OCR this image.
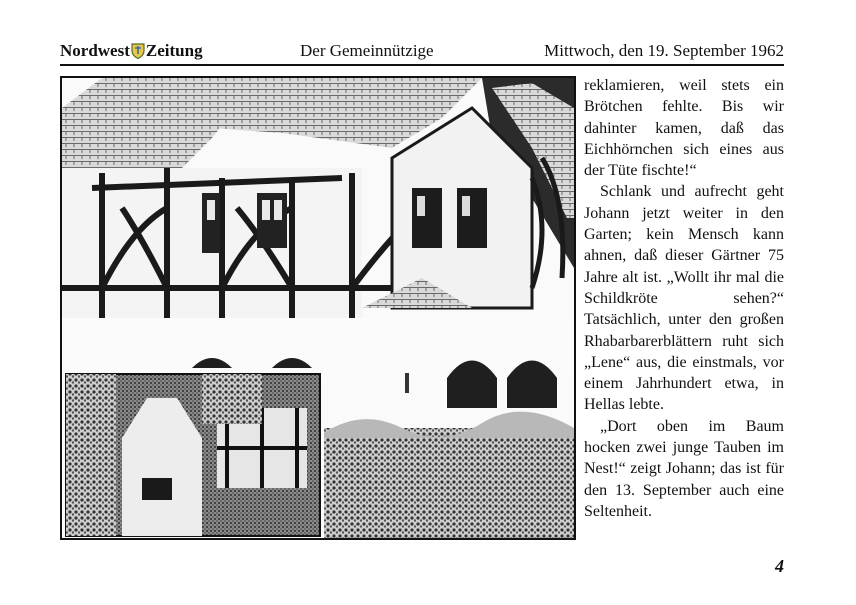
Nordwest Zeitung	Der Gemeinnützige	Mittwoch, den 19. September 1962

reklamieren, weil stets ein Brötchen fehlte. Bis wir dahinter kamen, daß das Eichhörnchen sich eines aus der Tüte fischte!“

Schlank und aufrecht geht Johann jetzt weiter in den Garten; kein Mensch kann ahnen, daß dieser Gärtner 75 Jahre alt ist. „Wollt ihr mal die Schildkröte sehen?“ Tatsächlich, unter den großen Rhabarbarerblättern ruht sich „Lene“ aus, die einstmals, vor einem Jahrhundert etwa, in Hellas lebte.

„Dort oben im Baum hocken zwei junge Tauben im Nest!“ zeigt Johann; das ist für den 13. September auch eine Seltenheit.

4
